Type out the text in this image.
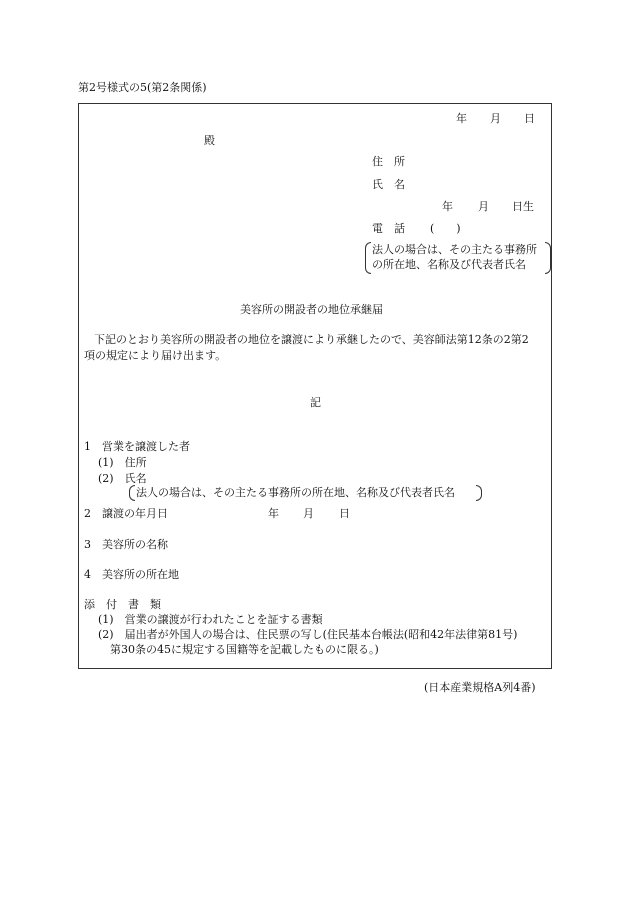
第2号様式の5(第2条関係)
年 月 日
殿
住　所
氏　名
年 月 日生
電　話 (　　)
法人の場合は、その主たる事務所
の所在地、名称及び代表者氏名
美容所の開設者の地位承継届
下記のとおり美容所の開設者の地位を譲渡により承継したので、美容師法第12条の2第2
項の規定により届け出ます。
記
1　営業を譲渡した者
(1)　住所
(2)　氏名
法人の場合は、その主たる事務所の所在地、名称及び代表者氏名
2　譲渡の年月日	年 月 日
3　美容所の名称
4　美容所の所在地
添　付　書　類
(1)　営業の譲渡が行われたことを証する書類
(2)　届出者が外国人の場合は、住民票の写し(住民基本台帳法(昭和42年法律第81号)
第30条の45に規定する国籍等を記載したものに限る。)
(日本産業規格A列4番)
